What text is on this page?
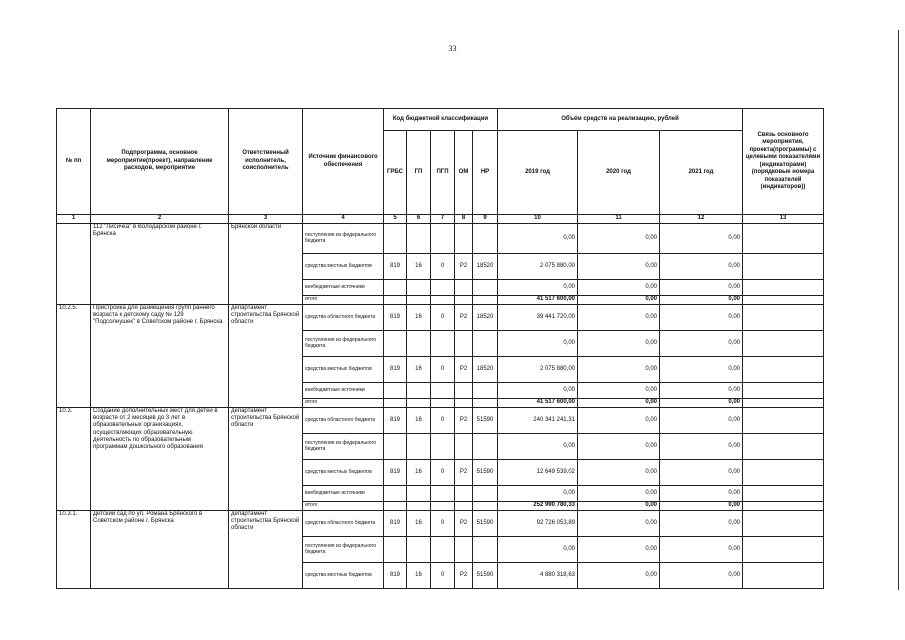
33
№ пп	Подпрограмма, основное мероприятие(проект), направление расходов, мероприятие	Ответственный исполнитель, соисполнитель	Источник финансового обеспечения	Код бюджетной классификации					Объём средств на реализацию, рублей			Связь основного мероприятия, проекта(программы) с целевыми показателями (индикаторами) (порядковые номера показателей (индикаторов))
				ГРБС	ГП	ПГП	ОМ	НР	2019 год	2020 год	2021 год	
1	2	3	4	5	6	7	8	9	10	11	12	13
	112 "Лисичка" в Володарском районе г. Брянска	Брянской области	поступления из федерального бюджета						0,00	0,00	0,00	
			средства местных бюджетов	819	16	0	P2	18520	2 075 880,00	0,00	0,00	
			внебюджетные источники						0,00	0,00	0,00	
			итого						41 517 600,00	0,00	0,00	
10.2.5.	Пристройка для размещения групп раннего возраста к детскому саду № 129 "Подсолнушек" в Советском районе г. Брянска	департамент строительства Брянской области	средства областного бюджета	819	16	0	P2	18520	39 441 720,00	0,00	0,00	
			поступления из федерального бюджета						0,00	0,00	0,00	
			средства местных бюджетов	819	16	0	P2	18520	2 075 880,00	0,00	0,00	
			внебюджетные источники						0,00	0,00	0,00	
			итого						41 517 600,00	0,00	0,00	
10.3.	Создание дополнительных мест для детей в возрасте от 2 месяцев до 3 лет в образовательных организациях, осуществляющих образовательную деятельность по образовательным программам дошкольного образования	департамент строительства Брянской области	средства областного бюджета	819	16	0	P2	51590	240 341 241,31	0,00	0,00	
			поступления из федерального бюджета						0,00	0,00	0,00	
			средства местных бюджетов	819	16	0	P2	51590	12 649 539,02	0,00	0,00	
			внебюджетные источники						0,00	0,00	0,00	
			итого						252 990 780,33	0,00	0,00	
10.3.1.	Детский сад по ул. Романа Брянского в Советском районе г. Брянска	департамент строительства Брянской области	средства областного бюджета	819	16	0	P2	51590	92 726 053,89	0,00	0,00	
			поступления из федерального бюджета						0,00	0,00	0,00	
			средства местных бюджетов	819	16	0	P2	51590	4 880 318,63	0,00	0,00	
